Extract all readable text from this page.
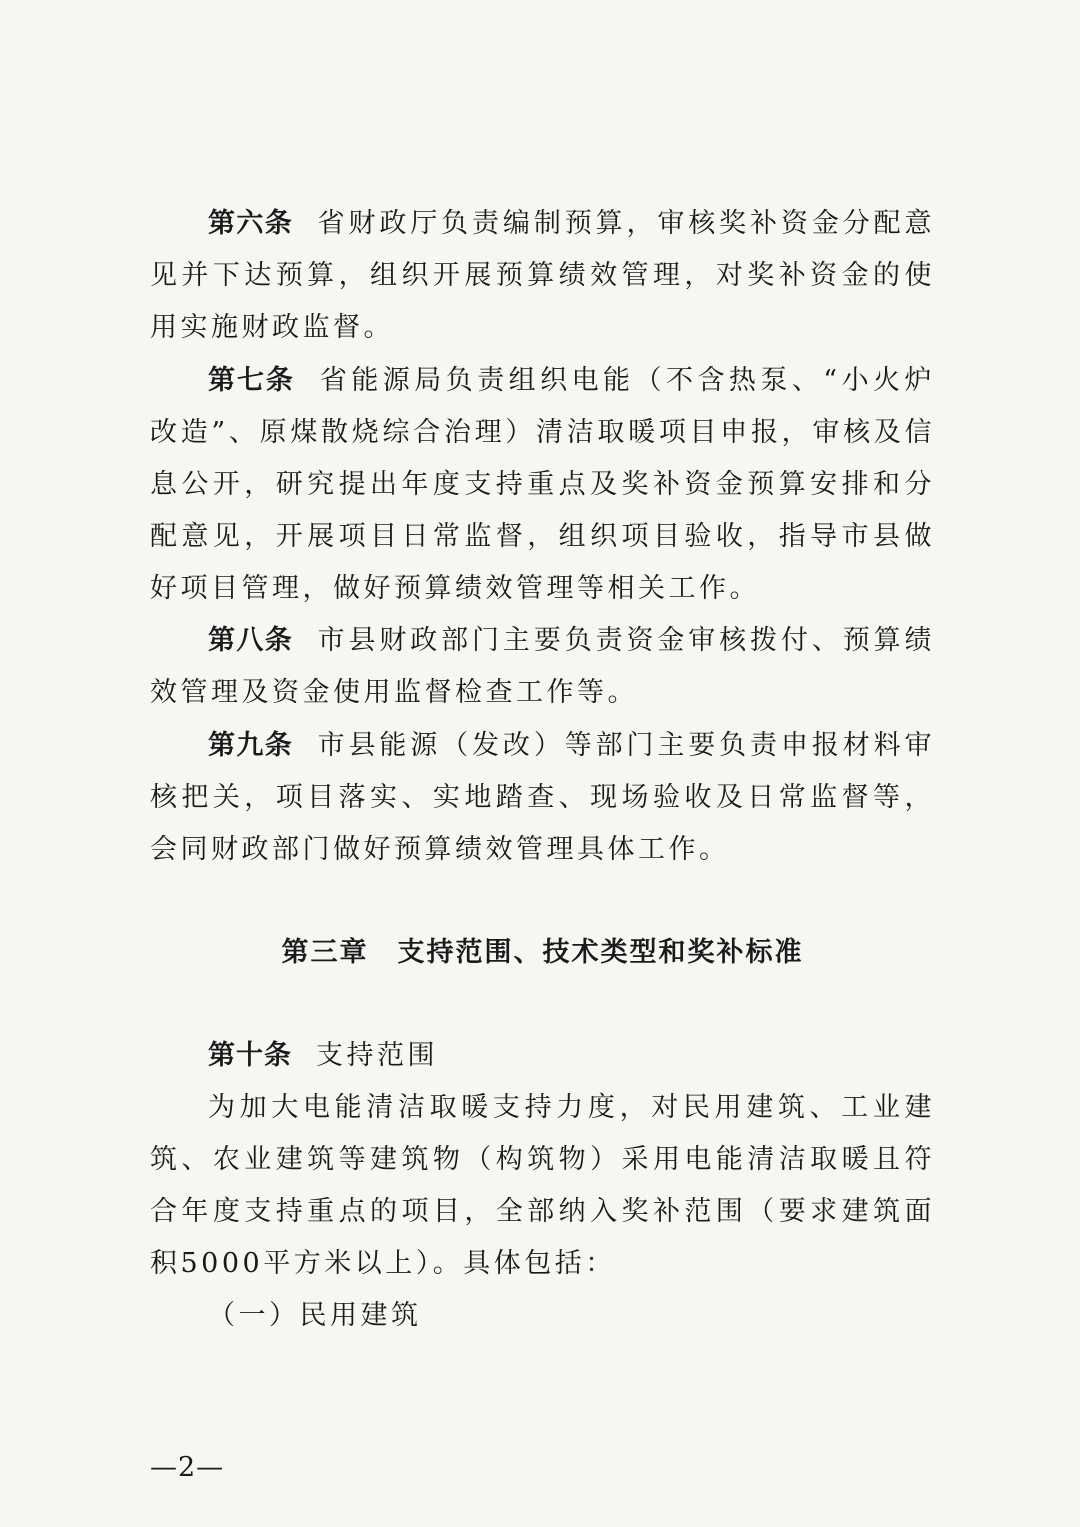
第六条 省财政厅负责编制预算，审核奖补资金分配意见并下达预算，组织开展预算绩效管理，对奖补资金的使用实施财政监督。

第七条 省能源局负责组织电能（不含热泵、“小火炉改造”、原煤散烧综合治理）清洁取暖项目申报，审核及信息公开，研究提出年度支持重点及奖补资金预算安排和分配意见，开展项目日常监督，组织项目验收，指导市县做好项目管理，做好预算绩效管理等相关工作。

第八条 市县财政部门主要负责资金审核拨付、预算绩效管理及资金使用监督检查工作等。

第九条 市县能源（发改）等部门主要负责申报材料审核把关，项目落实、实地踏查、现场验收及日常监督等，会同财政部门做好预算绩效管理具体工作。

第三章　支持范围、技术类型和奖补标准

第十条 支持范围

为加大电能清洁取暖支持力度，对民用建筑、工业建筑、农业建筑等建筑物（构筑物）采用电能清洁取暖且符合年度支持重点的项目，全部纳入奖补范围（要求建筑面积5000平方米以上）。具体包括：

（一）民用建筑

—2—
